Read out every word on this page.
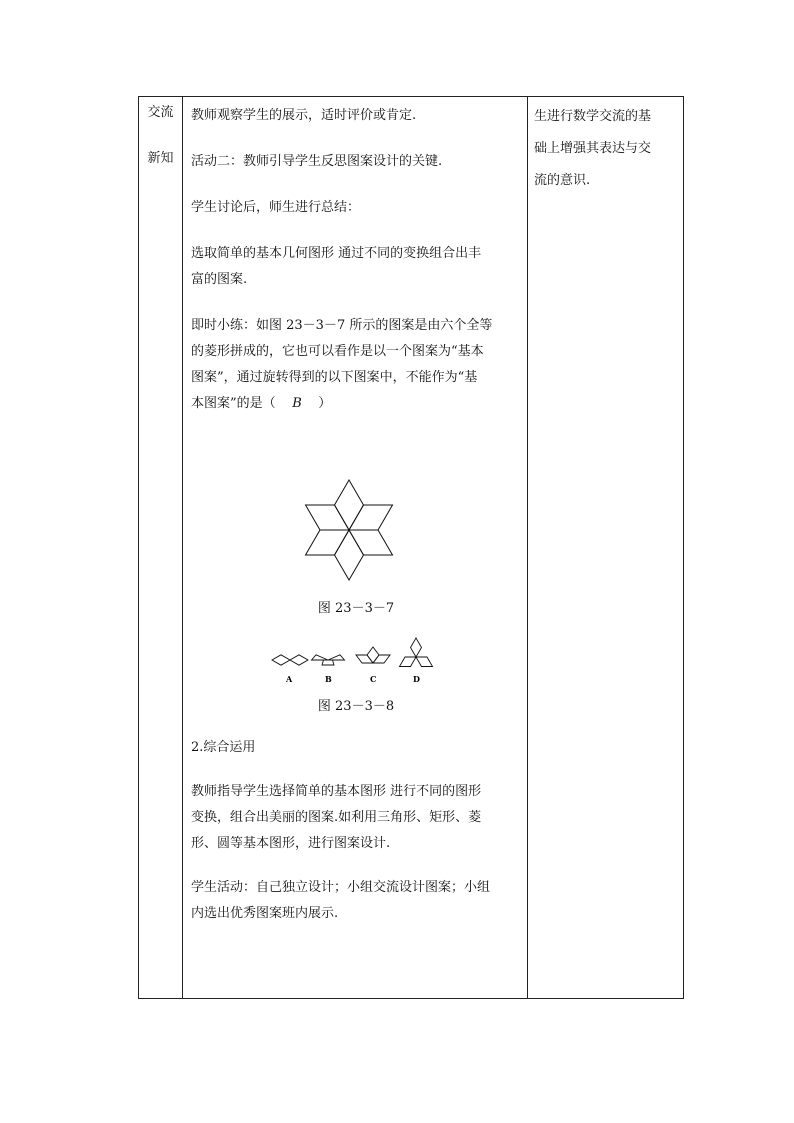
交流
新知

教师观察学生的展示，适时评价或肯定.

活动二：教师引导学生反思图案设计的关键.

学生讨论后，师生进行总结：

选取简单的基本几何图形 通过不同的变换组合出丰

富的图案.

即时小练：如图 23－3－7 所示的图案是由六个全等

的菱形拼成的，它也可以看作是以一个图案为“基本

图案”，通过旋转得到的以下图案中，不能作为“基

本图案”的是（ B ）

图 23－3－7
A	B	C	D
图 23－3－8

2.综合运用

教师指导学生选择简单的基本图形 进行不同的图形

变换，组合出美丽的图案.如利用三角形、矩形、菱

形、圆等基本图形，进行图案设计.

学生活动：自己独立设计；小组交流设计图案；小组

内选出优秀图案班内展示.

生进行数学交流的基
础上增强其表达与交
流的意识.
